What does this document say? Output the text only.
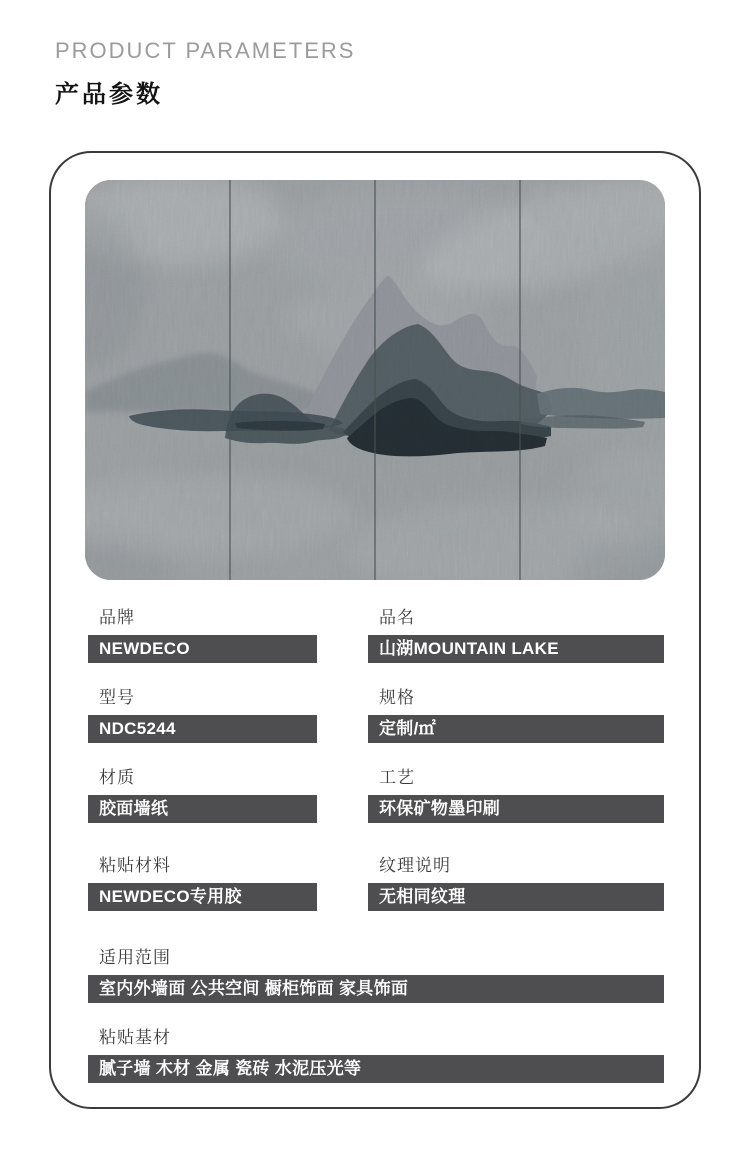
PRODUCT PARAMETERS
产品参数
品牌
NEWDECO
品名
山湖MOUNTAIN LAKE
型号
NDC5244
规格
定制/㎡
材质
胶面墙纸
工艺
环保矿物墨印刷
粘贴材料
NEWDECO专用胶
纹理说明
无相同纹理
适用范围
室内外墙面 公共空间 橱柜饰面 家具饰面
粘贴基材
腻子墙 木材 金属 瓷砖 水泥压光等
